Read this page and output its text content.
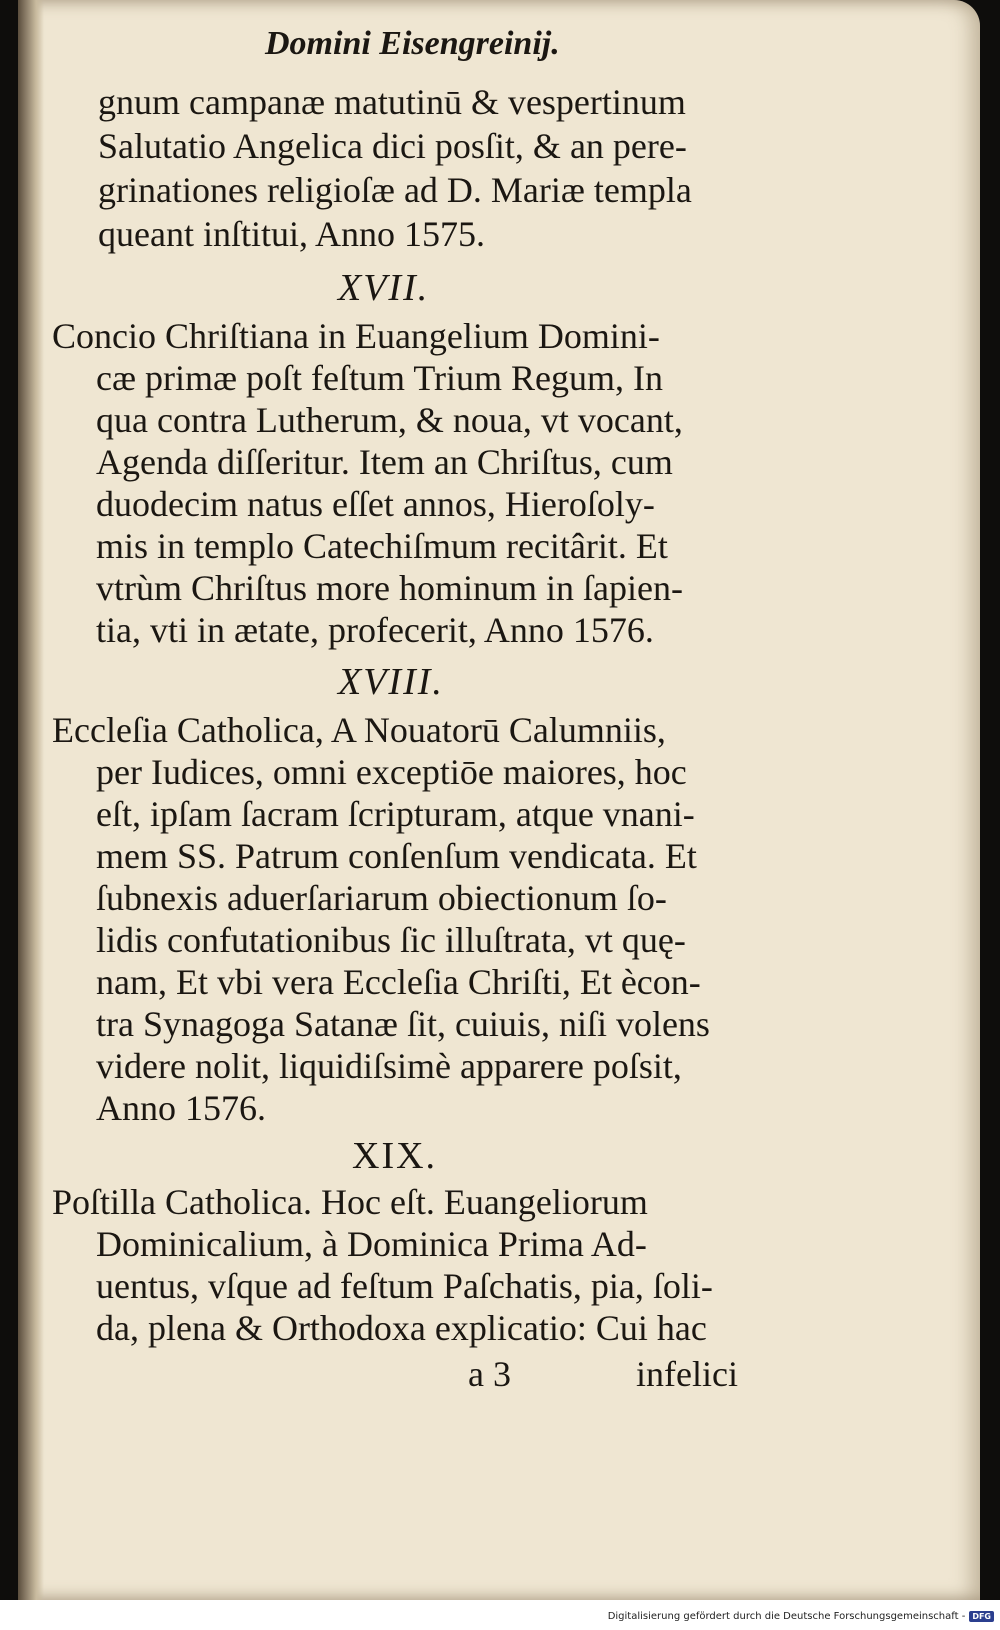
Domini Eisengreinij.
gnum campanæ matutinū & vespertinum
Salutatio Angelica dici posſit, & an pere-
grinationes religioſæ ad D. Mariæ templa
queant inſtitui, Anno 1575.
XVII.
Concio Chriſtiana in Euangelium Domini-
cæ primæ poſt feſtum Trium Regum, In
qua contra Lutherum, & noua, vt vocant,
Agenda diſſeritur. Item an Chriſtus, cum
duodecim natus eſſet annos, Hieroſoly-
mis in templo Catechiſmum recitârit. Et
vtrùm Chriſtus more hominum in ſapien-
tia, vti in ætate, profecerit, Anno 1576.
XVIII.
Eccleſia Catholica, A Nouatorū Calumniis,
per Iudices, omni exceptiōe maiores, hoc
eſt, ipſam ſacram ſcripturam, atque vnani-
mem SS. Patrum conſenſum vendicata. Et
ſubnexis aduerſariarum obiectionum ſo-
lidis confutationibus ſic illuſtrata, vt quę-
nam, Et vbi vera Eccleſia Chriſti, Et ècon-
tra Synagoga Satanæ ſit, cuiuis, niſi volens
videre nolit, liquidiſsimè apparere poſsit,
Anno 1576.
XIX.
Poſtilla Catholica. Hoc eſt. Euangeliorum
Dominicalium, à Dominica Prima Ad-
uentus, vſque ad feſtum Paſchatis, pia, ſoli-
da, plena & Orthodoxa explicatio: Cui hac
a 3	infelici
Digitalisierung gefördert durch die Deutsche Forschungsgemeinschaft - DFG
